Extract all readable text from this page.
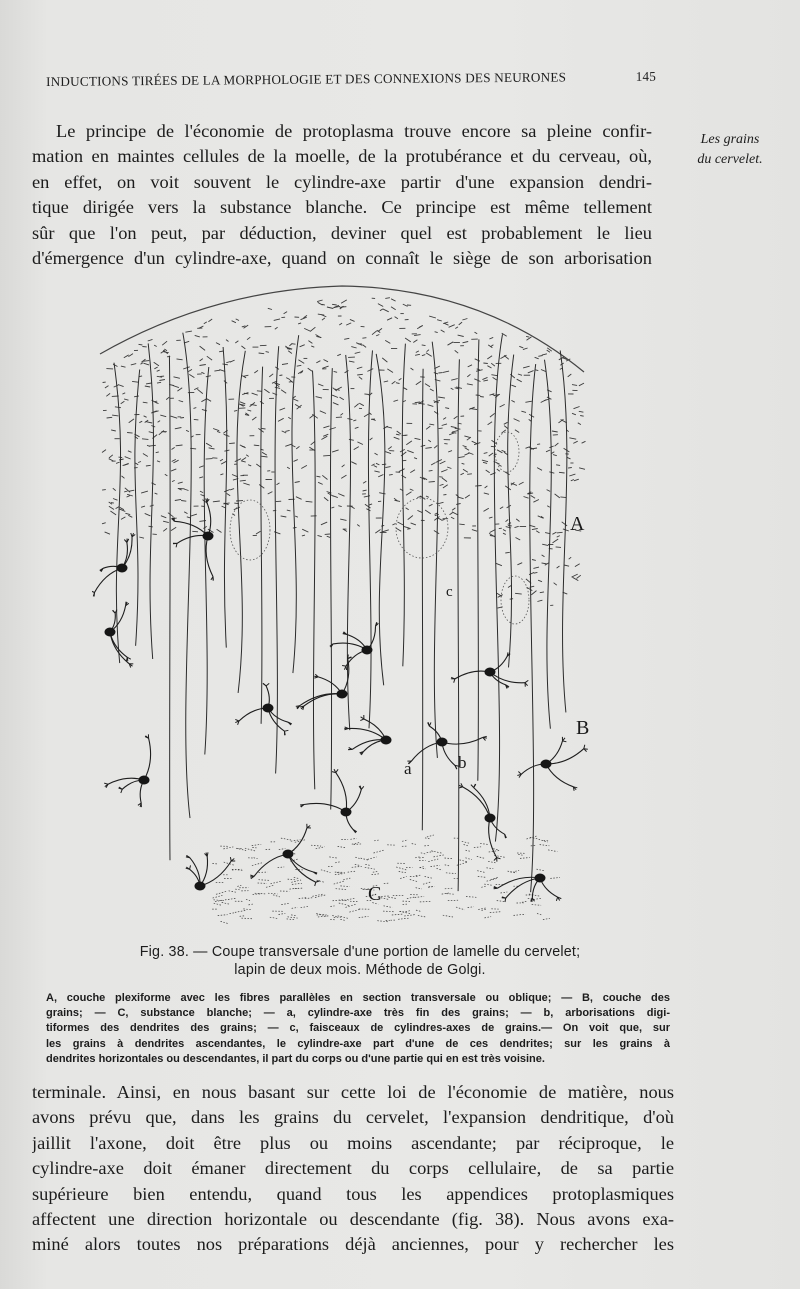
INDUCTIONS TIRÉES DE LA MORPHOLOGIE ET DES CONNEXIONS DES NEURONES	145
Les grains
du cervelet.
Le principe de l'économie de protoplasma trouve encore sa pleine confir-
mation en maintes cellules de la moelle, de la protubérance et du cerveau, où,
en effet, on voit souvent le cylindre-axe partir d'une expansion dendri-
tique dirigée vers la substance blanche. Ce principe est même tellement
sûr que l'on peut, par déduction, deviner quel est probablement le lieu
d'émergence d'un cylindre-axe, quand on connaît le siège de son arborisation
A
B
C
a	b
c
Fig. 38. — Coupe transversale d'une portion de lamelle du cervelet;
lapin de deux mois. Méthode de Golgi.
A, couche plexiforme avec les fibres parallèles en section transversale ou oblique; — B, couche des
grains; — C, substance blanche; — a, cylindre-axe très fin des grains; — b, arborisations digi-
tiformes des dendrites des grains; — c, faisceaux de cylindres-axes de grains.— On voit que, sur
les grains à dendrites ascendantes, le cylindre-axe part d'une de ces dendrites; sur les grains à
dendrites horizontales ou descendantes, il part du corps ou d'une partie qui en est très voisine.
terminale. Ainsi, en nous basant sur cette loi de l'économie de matière, nous
avons prévu que, dans les grains du cervelet, l'expansion dendritique, d'où
jaillit l'axone, doit être plus ou moins ascendante; par réciproque, le
cylindre-axe doit émaner directement du corps cellulaire, de sa partie
supérieure bien entendu, quand tous les appendices protoplasmiques
affectent une direction horizontale ou descendante (fig. 38). Nous avons exa-
miné alors toutes nos préparations déjà anciennes, pour y rechercher les
